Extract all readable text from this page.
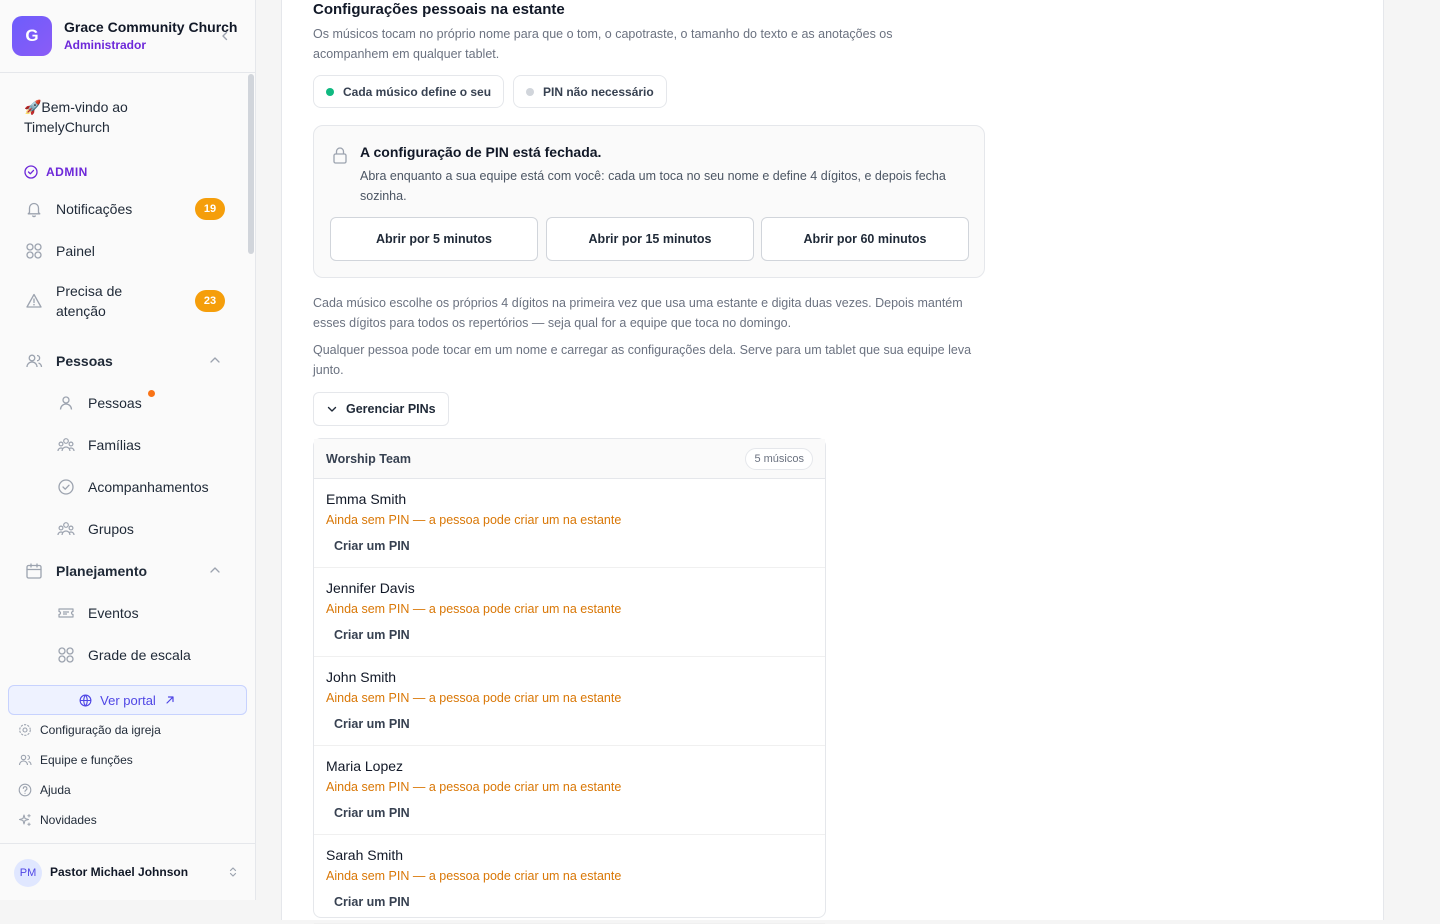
G	Grace Community Church
Administrador
🚀Bem-vindo ao TimelyChurch
ADMIN
Notificações	19
Painel
Precisa de atenção
23
Pessoas
Pessoas
Famílias
Acompanhamentos
Grupos
Planejamento
Eventos
Grade de escala
Ver portal
Configuração da igreja
Equipe e funções
Ajuda
Novidades
PM	Pastor Michael Johnson
Configurações pessoais na estante
Os músicos tocam no próprio nome para que o tom, o capotraste, o tamanho do texto e as anotações os acompanhem em qualquer tablet.
Cada músico define o seu	PIN não necessário
A configuração de PIN está fechada.
Abra enquanto a sua equipe está com você: cada um toca no seu nome e define 4 dígitos, e depois fecha sozinha.
Abrir por 5 minutos	Abrir por 15 minutos	Abrir por 60 minutos
Cada músico escolhe os próprios 4 dígitos na primeira vez que usa uma estante e digita duas vezes. Depois mantém esses dígitos para todos os repertórios — seja qual for a equipe que toca no domingo.
Qualquer pessoa pode tocar em um nome e carregar as configurações dela. Serve para um tablet que sua equipe leva junto.
Gerenciar PINs
Worship Team	5 músicos
Emma Smith
Ainda sem PIN — a pessoa pode criar um na estante
Criar um PIN
Jennifer Davis
Ainda sem PIN — a pessoa pode criar um na estante
Criar um PIN
John Smith
Ainda sem PIN — a pessoa pode criar um na estante
Criar um PIN
Maria Lopez
Ainda sem PIN — a pessoa pode criar um na estante
Criar um PIN
Sarah Smith
Ainda sem PIN — a pessoa pode criar um na estante
Criar um PIN
